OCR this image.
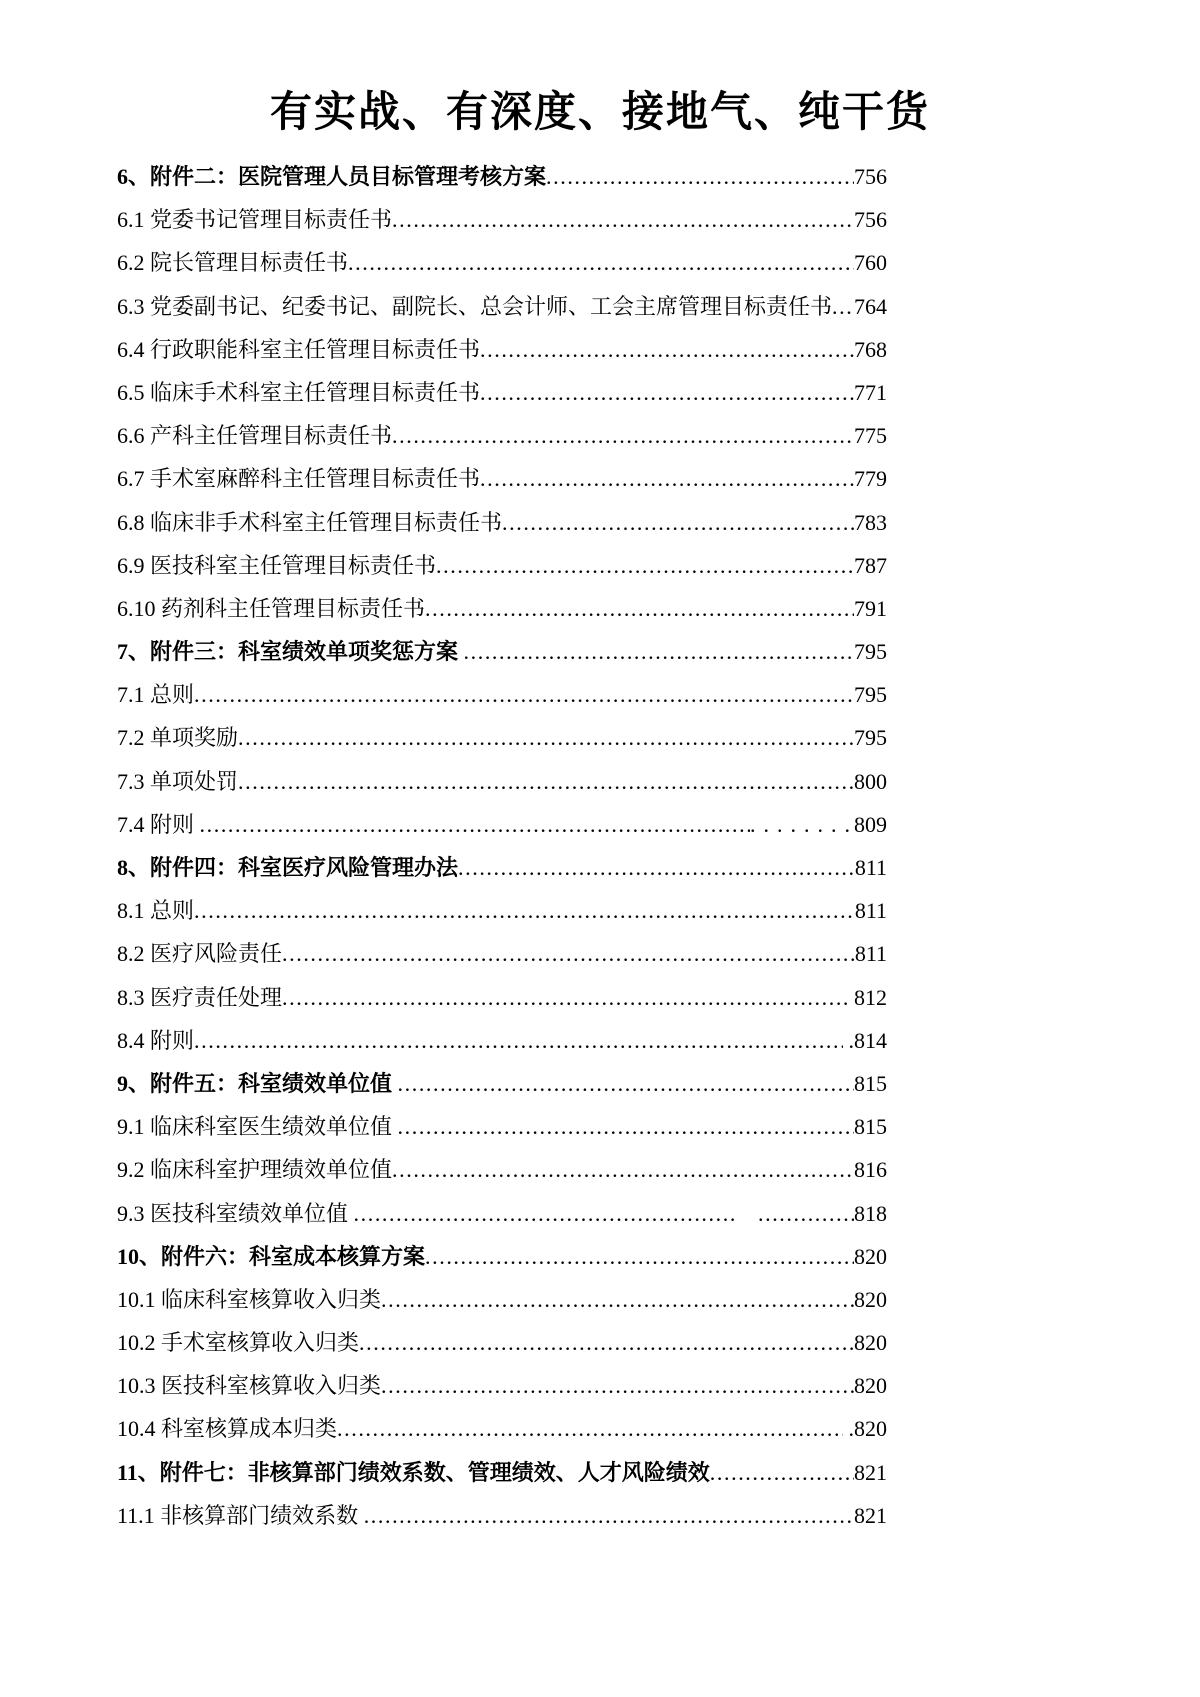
有实战、有深度、接地气、纯干货
6、附件二：医院管理人员目标管理考核方案 .....	756
6.1 党委书记管理目标责任书 .....	756
6.2 院长管理目标责任书 .....	760
6.3 党委副书记、纪委书记、副院长、总会计师、工会主席管理目标责任书 ..... 764
6.4 行政职能科室主任管理目标责任书 .....	768
6.5 临床手术科室主任管理目标责任书 .....	771
6.6 产科主任管理目标责任书 .....	775
6.7 手术室麻醉科主任管理目标责任书 .....	779
6.8 临床非手术科室主任管理目标责任书 .....	783
6.9 医技科室主任管理目标责任书 .....	787
6.10 药剂科主任管理目标责任书 .....	791
7、附件三：科室绩效单项奖惩方案 .....	795
7.1 总则 .....	795
7.2 单项奖励 .....	795
7.3 单项处罚 .....	800
7.4 附则 ..... .....	809
8、附件四：科室医疗风险管理办法 .....	811
8.1 总则 .....	811
8.2 医疗风险责任 .....	811
8.3 医疗责任处理 .....	812
8.4 附则 .....	.814
9、附件五：科室绩效单位值 .....	815
9.1 临床科室医生绩效单位值 .....	815
9.2 临床科室护理绩效单位值 .....	816
9.3 医技科室绩效单位值 ..... .....	818
10、附件六：科室成本核算方案 .....	820
10.1 临床科室核算收入归类 .....	820
10.2 手术室核算收入归类 .....	820
10.3 医技科室核算收入归类 .....	820
10.4 科室核算成本归类 .....	.820
11、附件七：非核算部门绩效系数、管理绩效、人才风险绩效 .....	821
11.1 非核算部门绩效系数 .....	821
